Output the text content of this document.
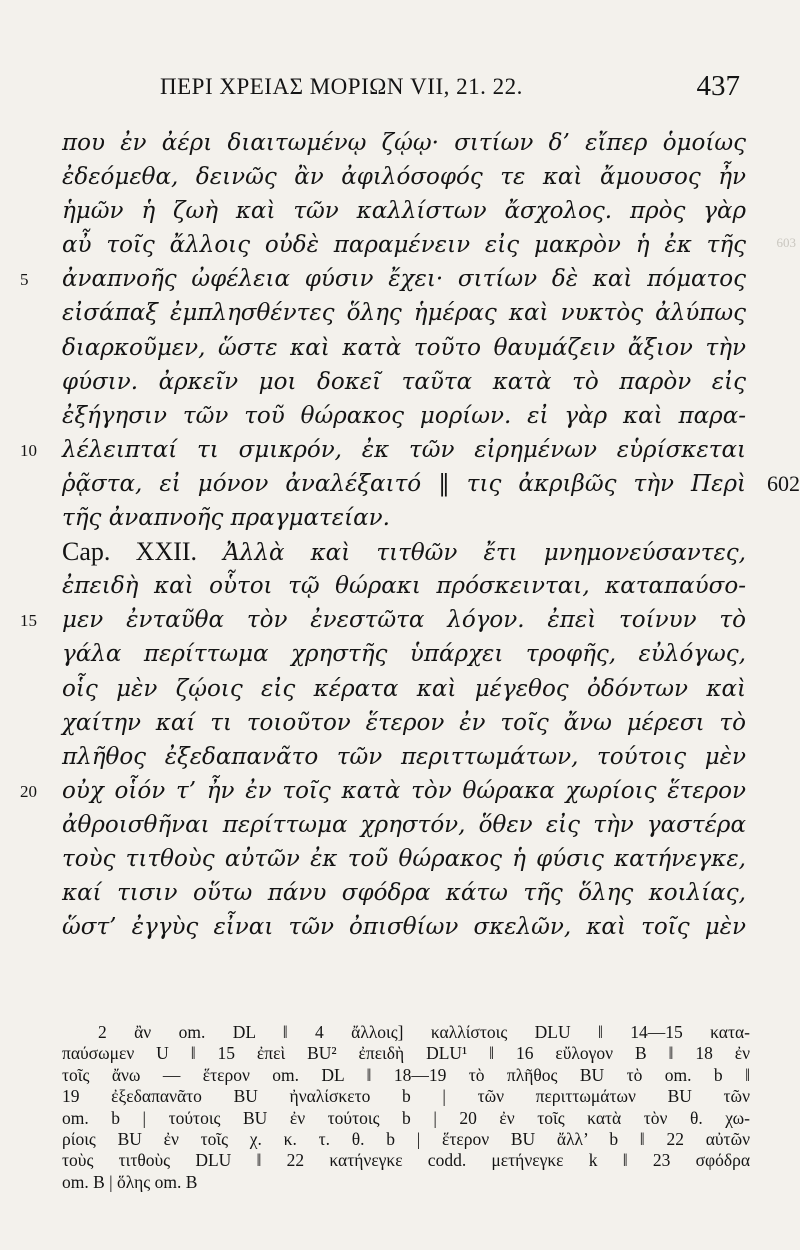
ΠΕΡΙ ΧΡΕΙΑΣ ΜΟΡΙΩΝ VII, 21. 22.	437
που ἐν ἀέρι διαιτωμένῳ ζῴῳ· σιτίων δ’ εἴπερ ὁμοίως
ἐδεόμεθα, δεινῶς ἂν ἀφιλόσοφός τε καὶ ἄμουσος ἦν
ἡμῶν ἡ ζωὴ καὶ τῶν καλλίστων ἄσχολος. πρὸς γὰρ
αὖ τοῖς ἄλλοις οὐδὲ παραμένειν εἰς μακρὸν ἡ ἐκ τῆς 603
5 ἀναπνοῆς ὠφέλεια φύσιν ἔχει· σιτίων δὲ καὶ πόματος
εἰσάπαξ ἐμπλησθέντες ὅλης ἡμέρας καὶ νυκτὸς ἀλύπως
διαρκοῦμεν, ὥστε καὶ κατὰ τοῦτο θαυμάζειν ἄξιον τὴν
φύσιν. ἀρκεῖν μοι δοκεῖ ταῦτα κατὰ τὸ παρὸν εἰς
ἐξήγησιν τῶν τοῦ θώρακος μορίων. εἰ γὰρ καὶ παρα-
10 λέλειπταί τι σμικρόν, ἐκ τῶν εἰρημένων εὑρίσκεται
ῥᾷστα, εἰ μόνον ἀναλέξαιτό ‖ τις ἀκριβῶς τὴν Περὶ 602
τῆς ἀναπνοῆς πραγματείαν.
Cap. XXII. Ἀλλὰ καὶ τιτθῶν ἔτι μνημονεύσαντες,
ἐπειδὴ καὶ οὗτοι τῷ θώρακι πρόσκεινται, καταπαύσο-
15 μεν ἐνταῦθα τὸν ἐνεστῶτα λόγον. ἐπεὶ τοίνυν τὸ
γάλα περίττωμα χρηστῆς ὑπάρχει τροφῆς, εὐλόγως,
οἷς μὲν ζῴοις εἰς κέρατα καὶ μέγεθος ὀδόντων καὶ
χαίτην καί τι τοιοῦτον ἕτερον ἐν τοῖς ἄνω μέρεσι τὸ
πλῆθος ἐξεδαπανᾶτο τῶν περιττωμάτων, τούτοις μὲν
20 οὐχ οἷόν τ’ ἦν ἐν τοῖς κατὰ τὸν θώρακα χωρίοις ἕτερον
ἀθροισθῆναι περίττωμα χρηστόν, ὅθεν εἰς τὴν γαστέρα
τοὺς τιτθοὺς αὐτῶν ἐκ τοῦ θώρακος ἡ φύσις κατήνεγκε,
καί τισιν οὕτω πάνυ σφόδρα κάτω τῆς ὅλης κοιλίας,
ὥστ’ ἐγγὺς εἶναι τῶν ὀπισθίων σκελῶν, καὶ τοῖς μὲν
2 ἂν om. DL ‖ 4 ἄλλοις] καλλίστοις DLU ‖ 14—15 κατα-
παύσωμεν U ‖ 15 ἐπεὶ BU² ἐπειδὴ DLU¹ ‖ 16 εὔλογον B ‖ 18 ἐν
τοῖς ἄνω — ἕτερον om. DL ‖ 18—19 τὸ πλῆθος BU τὸ om. b ‖
19 ἐξεδαπανᾶτο BU ἠναλίσκετο b | τῶν περιττωμάτων BU τῶν
om. b | τούτοις BU ἐν τούτοις b | 20 ἐν τοῖς κατὰ τὸν θ. χω-
ρίοις BU ἐν τοῖς χ. κ. τ. θ. b | ἕτερον BU ἄλλ’ b ‖ 22 αὐτῶν
τοὺς τιτθοὺς DLU ‖ 22 κατήνεγκε codd. μετήνεγκε k ‖ 23 σφόδρα
om. B | ὅλης om. B
